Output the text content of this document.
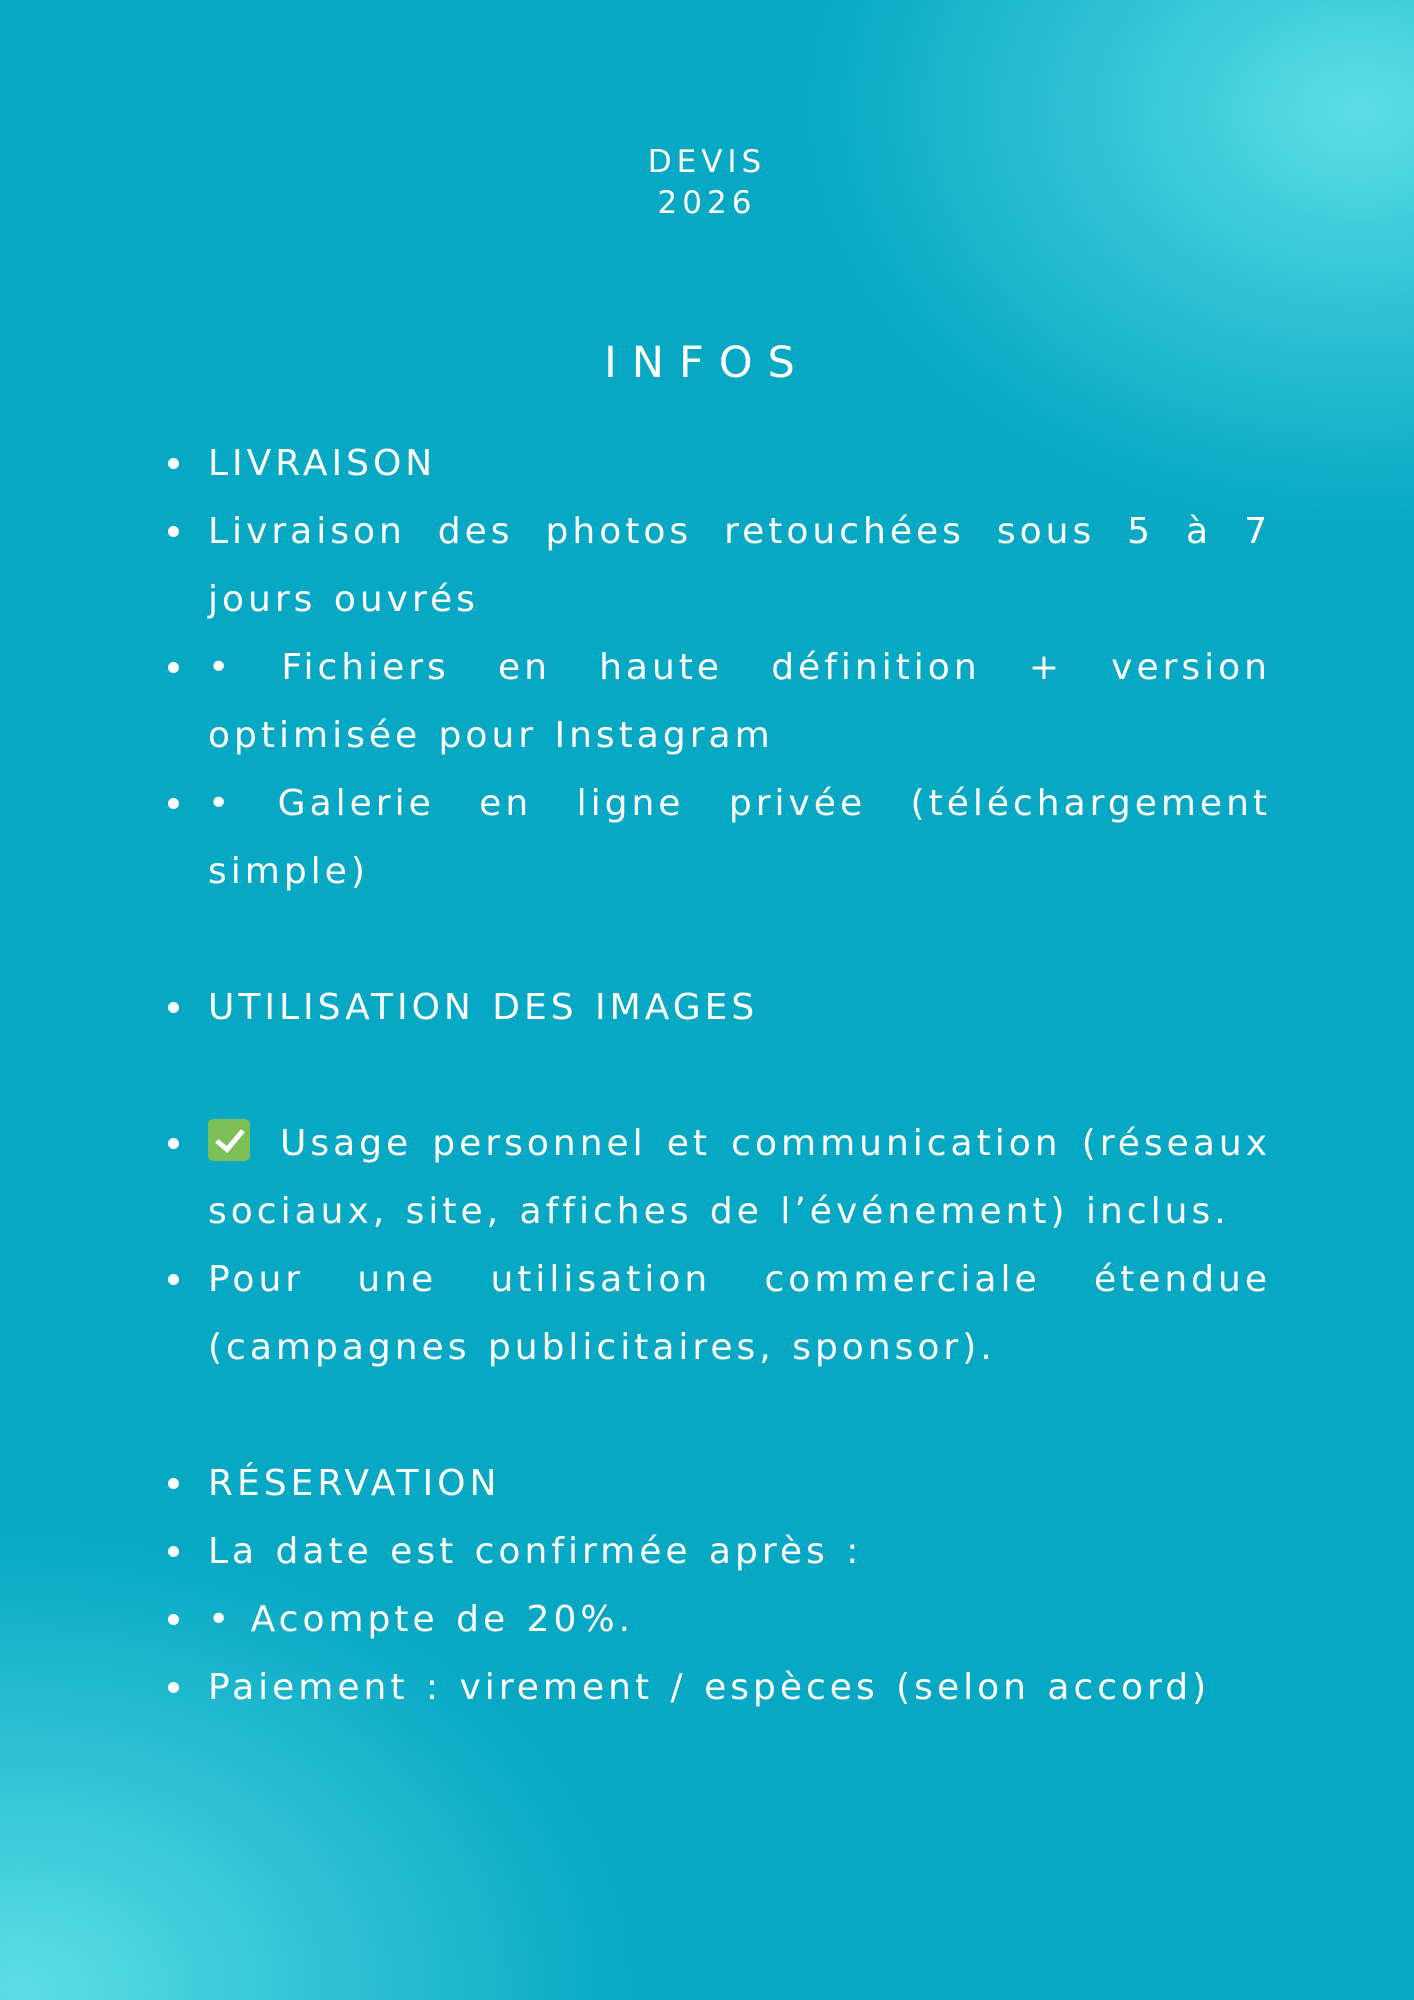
DEVIS
2026
INFOS
LIVRAISON
Livraison des photos retouchées sous 5 à 7 jours ouvrés
• Fichiers en haute définition + version optimisée pour Instagram
• Galerie en ligne privée (téléchargement simple)
UTILISATION DES IMAGES
Usage personnel et communication (réseaux sociaux, site, affiches de l’événement) inclus.
Pour une utilisation commerciale étendue (campagnes publicitaires, sponsor).
RÉSERVATION
La date est confirmée après :
• Acompte de 20%.
Paiement : virement / espèces (selon accord)
